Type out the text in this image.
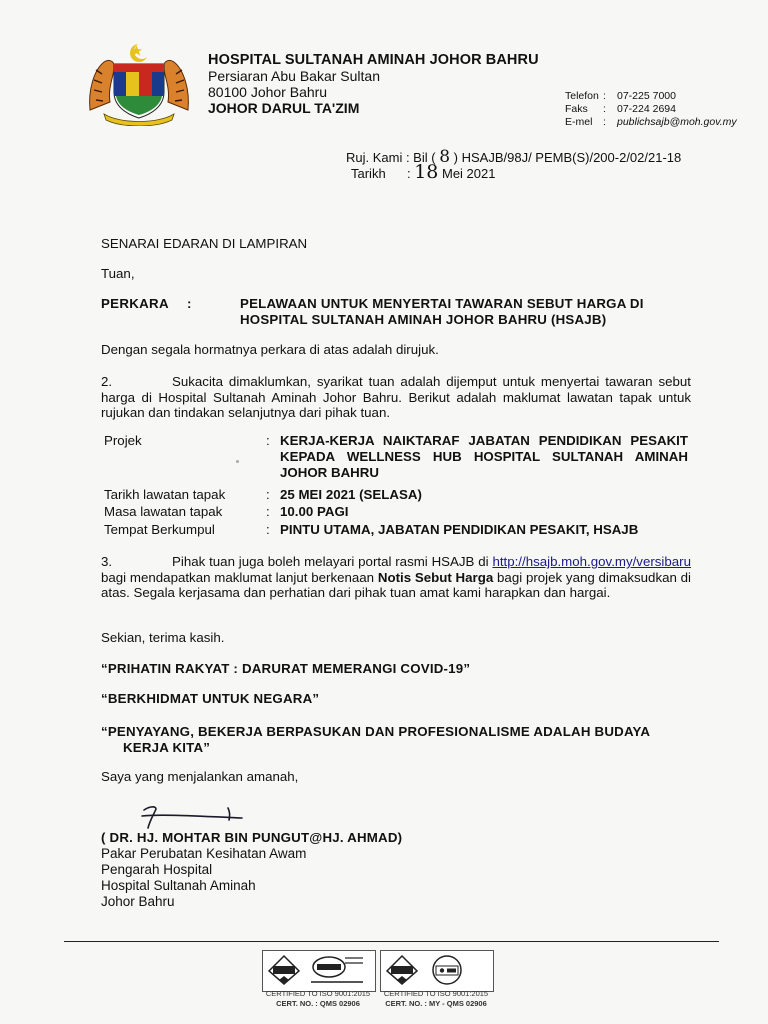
HOSPITAL SULTANAH AMINAH JOHOR BAHRU
Persiaran Abu Bakar Sultan
80100 Johor Bahru
JOHOR DARUL TA'ZIM
Telefon :	07-225 7000
Faks	:	07-224 2694
E-mel	:	publichsajb@moh.gov.my
Ruj. Kami : Bil ( 8 ) HSAJB/98J/ PEMB(S)/200-2/02/21-18
Tarikh : 18 Mei 2021
SENARAI EDARAN DI LAMPIRAN
Tuan,
PERKARA :	PELAWAAN UNTUK MENYERTAI TAWARAN SEBUT HARGA DI HOSPITAL SULTANAH AMINAH JOHOR BAHRU (HSAJB)
Dengan segala hormatnya perkara di atas adalah dirujuk.
2.	Sukacita dimaklumkan, syarikat tuan adalah dijemput untuk menyertai tawaran sebut harga di Hospital Sultanah Aminah Johor Bahru. Berikut adalah maklumat lawatan tapak untuk rujukan dan tindakan selanjutnya dari pihak tuan.
Projek	: KERJA-KERJA NAIKTARAF JABATAN PENDIDIKAN PESAKIT KEPADA WELLNESS HUB HOSPITAL SULTANAH AMINAH JOHOR BAHRU
Tarikh lawatan tapak	: 25 MEI 2021 (SELASA)
Masa lawatan tapak	: 10.00 PAGI
Tempat Berkumpul	: PINTU UTAMA, JABATAN PENDIDIKAN PESAKIT, HSAJB
3.	Pihak tuan juga boleh melayari portal rasmi HSAJB di http://hsajb.moh.gov.my/versibaru bagi mendapatkan maklumat lanjut berkenaan Notis Sebut Harga bagi projek yang dimaksudkan di atas. Segala kerjasama dan perhatian dari pihak tuan amat kami harapkan dan hargai.
Sekian, terima kasih.
“PRIHATIN RAKYAT : DARURAT MEMERANGI COVID-19”
“BERKHIDMAT UNTUK NEGARA”
“PENYAYANG, BEKERJA BERPASUKAN DAN PROFESIONALISME ADALAH BUDAYA
KERJA KITA”
Saya yang menjalankan amanah,
( DR. HJ. MOHTAR BIN PUNGUT@HJ. AHMAD)
Pakar Perubatan Kesihatan Awam
Pengarah Hospital
Hospital Sultanah Aminah
Johor Bahru
CERTIFIED TO ISO 9001:2015
CERT. NO. : QMS 02906
CERTIFIED TO ISO 9001:2015
CERT. NO. : MY - QMS 02906
